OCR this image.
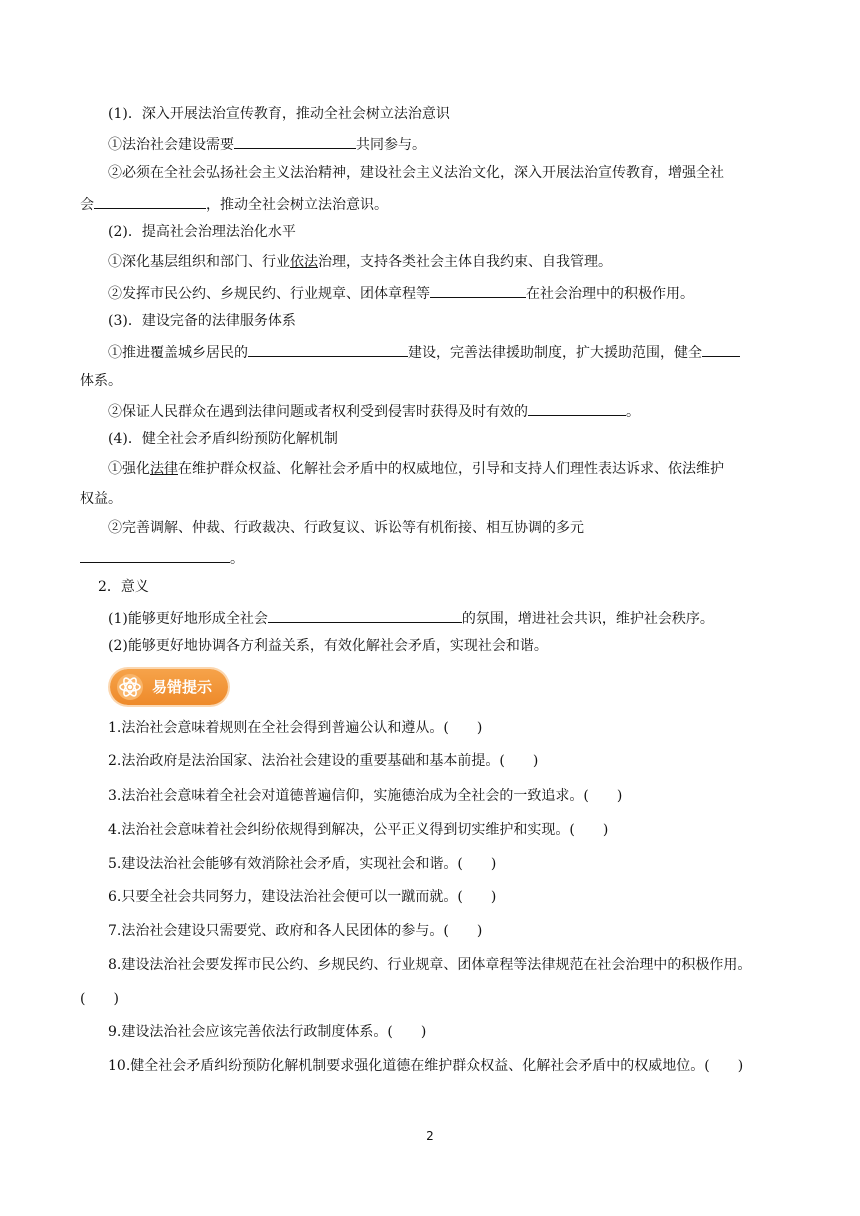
(1)．深入开展法治宣传教育，推动全社会树立法治意识
①法治社会建设需要	共同参与。
②必须在全社会弘扬社会主义法治精神，建设社会主义法治文化，深入开展法治宣传教育，增强全社
会	，推动全社会树立法治意识。
(2)．提高社会治理法治化水平
①深化基层组织和部门、行业依法治理，支持各类社会主体自我约束、自我管理。
②发挥市民公约、乡规民约、行业规章、团体章程等	在社会治理中的积极作用。
(3)．建设完备的法律服务体系
①推进覆盖城乡居民的	建设，完善法律援助制度，扩大援助范围，健全
体系。
②保证人民群众在遇到法律问题或者权利受到侵害时获得及时有效的	。
(4)．健全社会矛盾纠纷预防化解机制
①强化法律在维护群众权益、化解社会矛盾中的权威地位，引导和支持人们理性表达诉求、依法维护
权益。
②完善调解、仲裁、行政裁决、行政复议、诉讼等有机衔接、相互协调的多元
。
2．意义
(1)能够更好地形成全社会	的氛围，增进社会共识，维护社会秩序。
(2)能够更好地协调各方利益关系，有效化解社会矛盾，实现社会和谐。
易错提示
1.法治社会意味着规则在全社会得到普遍公认和遵从。(　　)
2.法治政府是法治国家、法治社会建设的重要基础和基本前提。(　　)
3.法治社会意味着全社会对道德普遍信仰，实施德治成为全社会的一致追求。(　　)
4.法治社会意味着社会纠纷依规得到解决，公平正义得到切实维护和实现。(　　)
5.建设法治社会能够有效消除社会矛盾，实现社会和谐。(　　)
6.只要全社会共同努力，建设法治社会便可以一蹴而就。(　　)
7.法治社会建设只需要党、政府和各人民团体的参与。(　　)
8.建设法治社会要发挥市民公约、乡规民约、行业规章、团体章程等法律规范在社会治理中的积极作用。
(　　)
9.建设法治社会应该完善依法行政制度体系。(　　)
10.健全社会矛盾纠纷预防化解机制要求强化道德在维护群众权益、化解社会矛盾中的权威地位。(　　)
2
